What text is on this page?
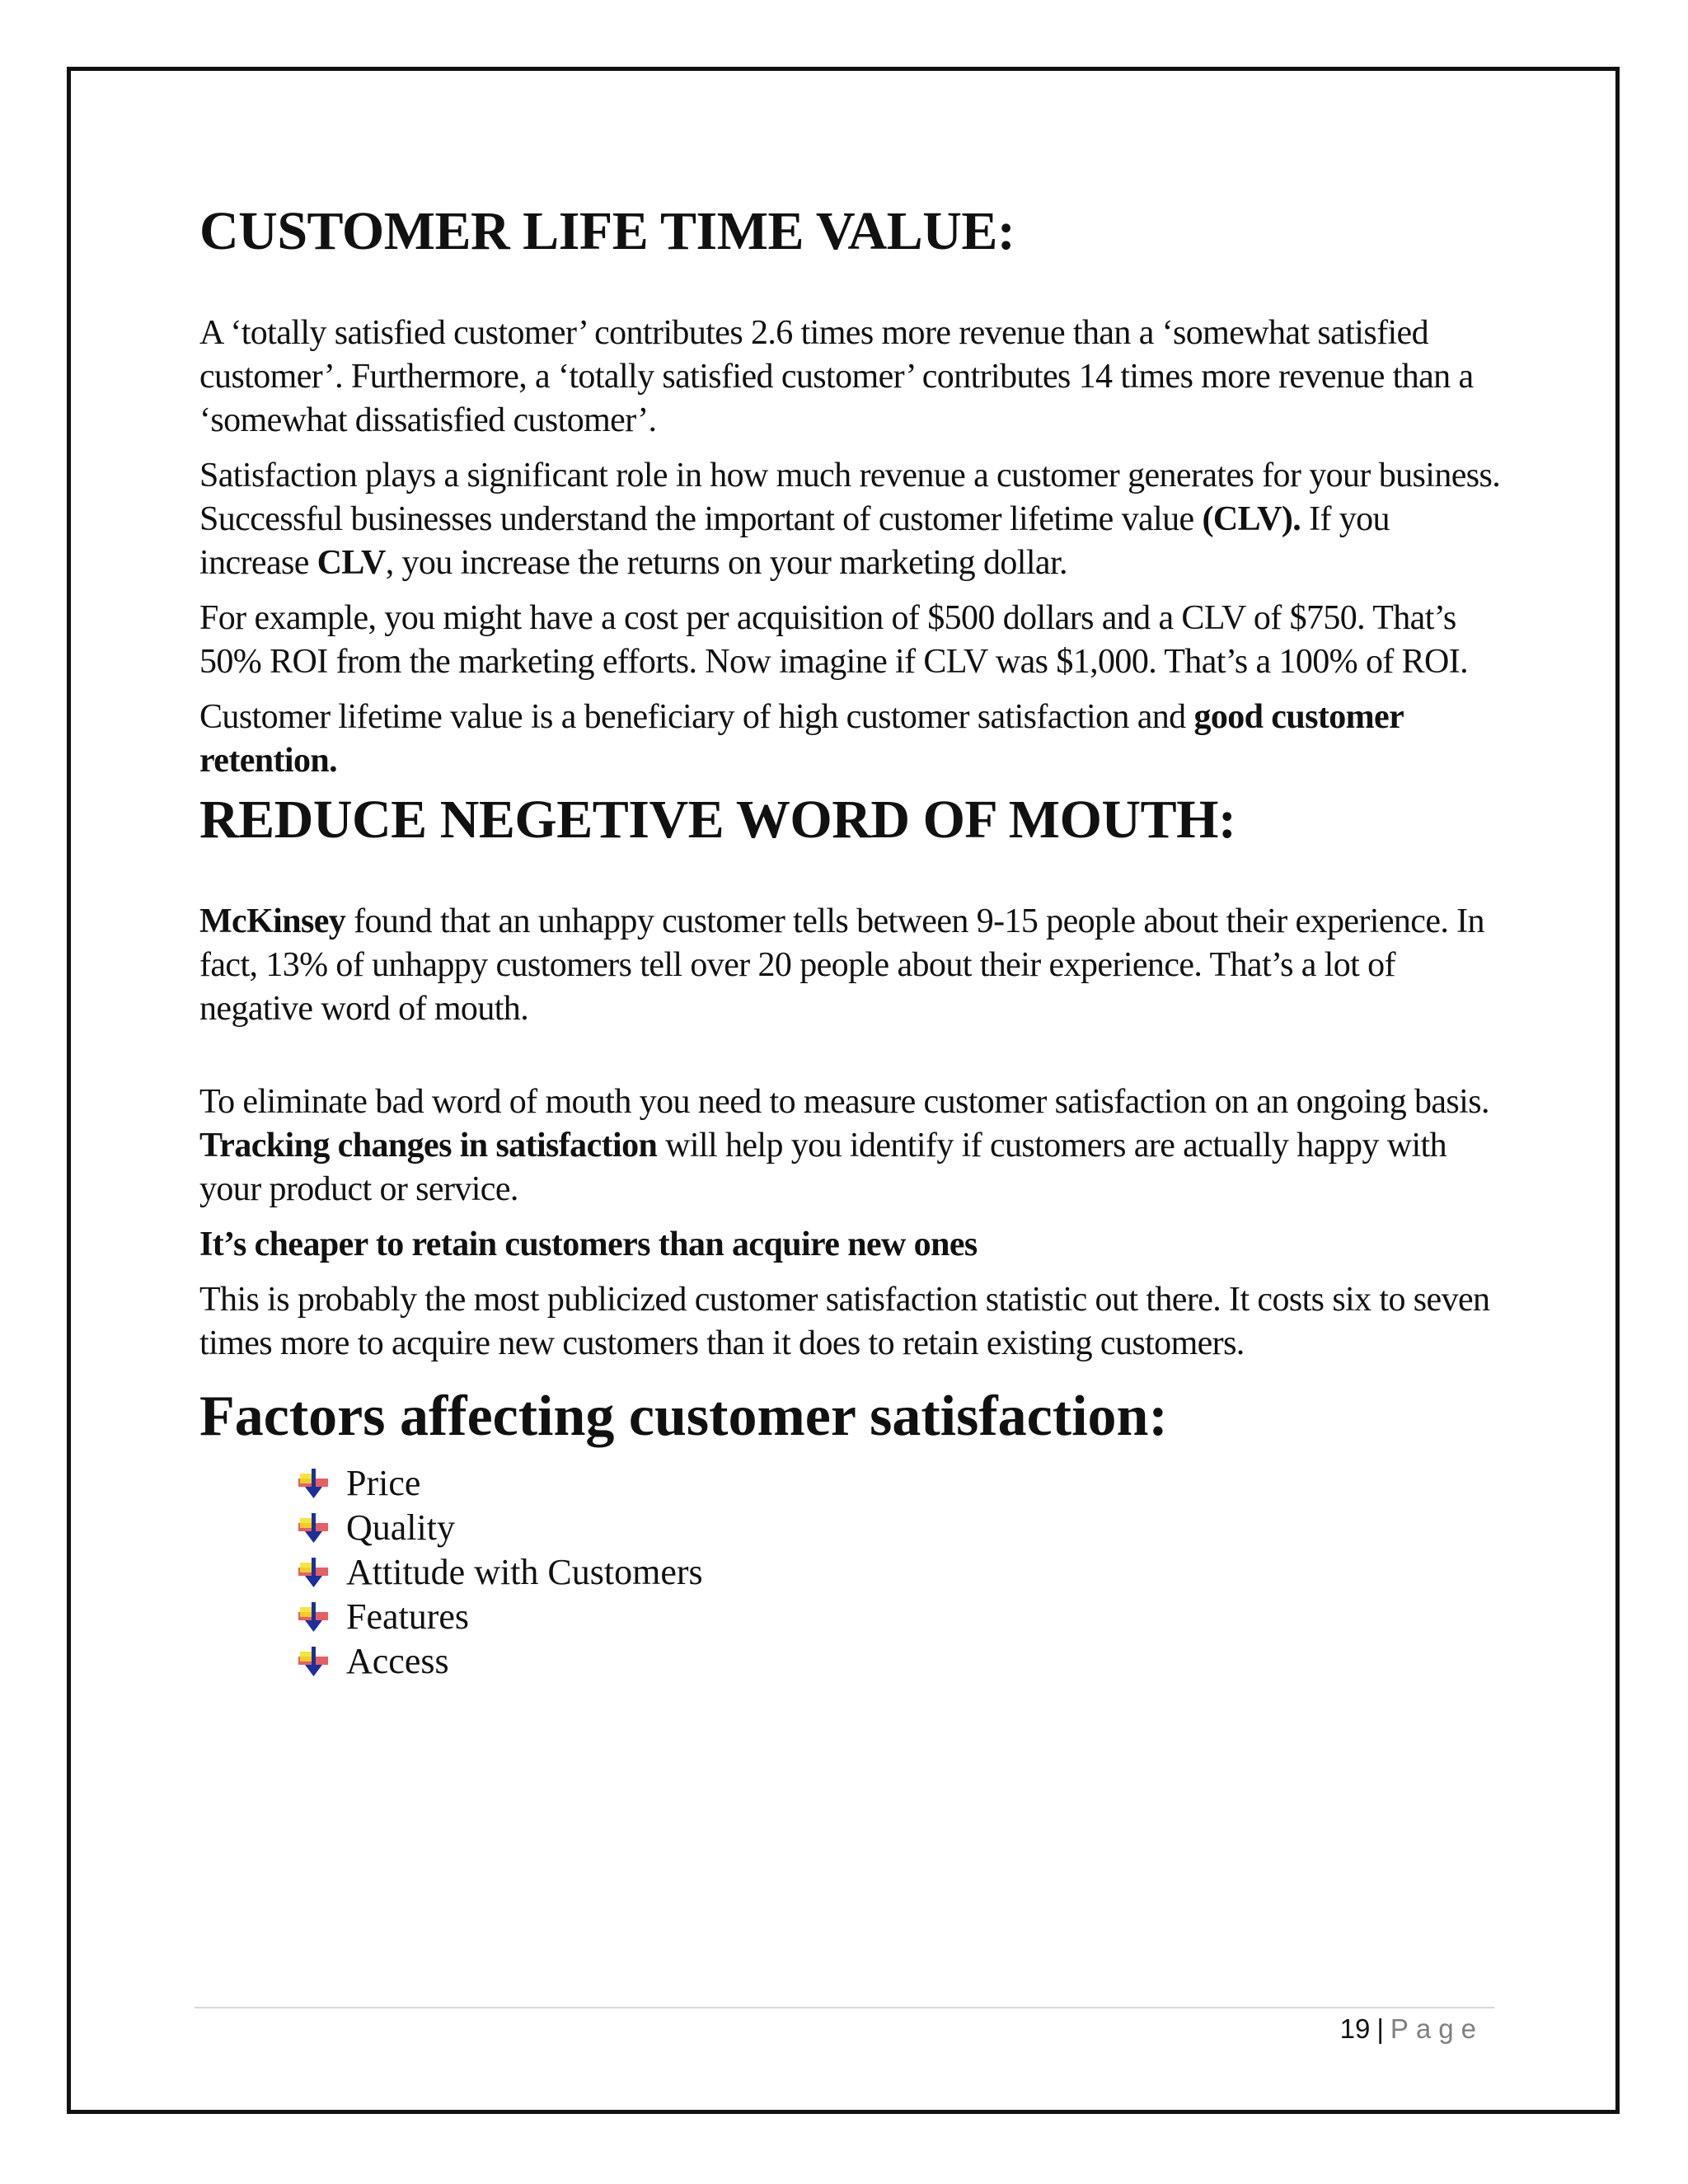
CUSTOMER LIFE TIME VALUE:

A ‘totally satisfied customer’ contributes 2.6 times more revenue than a ‘somewhat satisfied customer’. Furthermore, a ‘totally satisfied customer’ contributes 14 times more revenue than a ‘somewhat dissatisfied customer’.

Satisfaction plays a significant role in how much revenue a customer generates for your business. Successful businesses understand the important of customer lifetime value (CLV). If you increase CLV, you increase the returns on your marketing dollar.

For example, you might have a cost per acquisition of $500 dollars and a CLV of $750. That’s 50% ROI from the marketing efforts. Now imagine if CLV was $1,000. That’s a 100% of ROI.

Customer lifetime value is a beneficiary of high customer satisfaction and good customer retention.

REDUCE NEGETIVE WORD OF MOUTH:

McKinsey found that an unhappy customer tells between 9-15 people about their experience. In fact, 13% of unhappy customers tell over 20 people about their experience. That’s a lot of negative word of mouth.

To eliminate bad word of mouth you need to measure customer satisfaction on an ongoing basis. Tracking changes in satisfaction will help you identify if customers are actually happy with your product or service.

It’s cheaper to retain customers than acquire new ones

This is probably the most publicized customer satisfaction statistic out there. It costs six to seven times more to acquire new customers than it does to retain existing customers.

Factors affecting customer satisfaction:
Price
Quality
Attitude with Customers
Features
Access
19 | Page
